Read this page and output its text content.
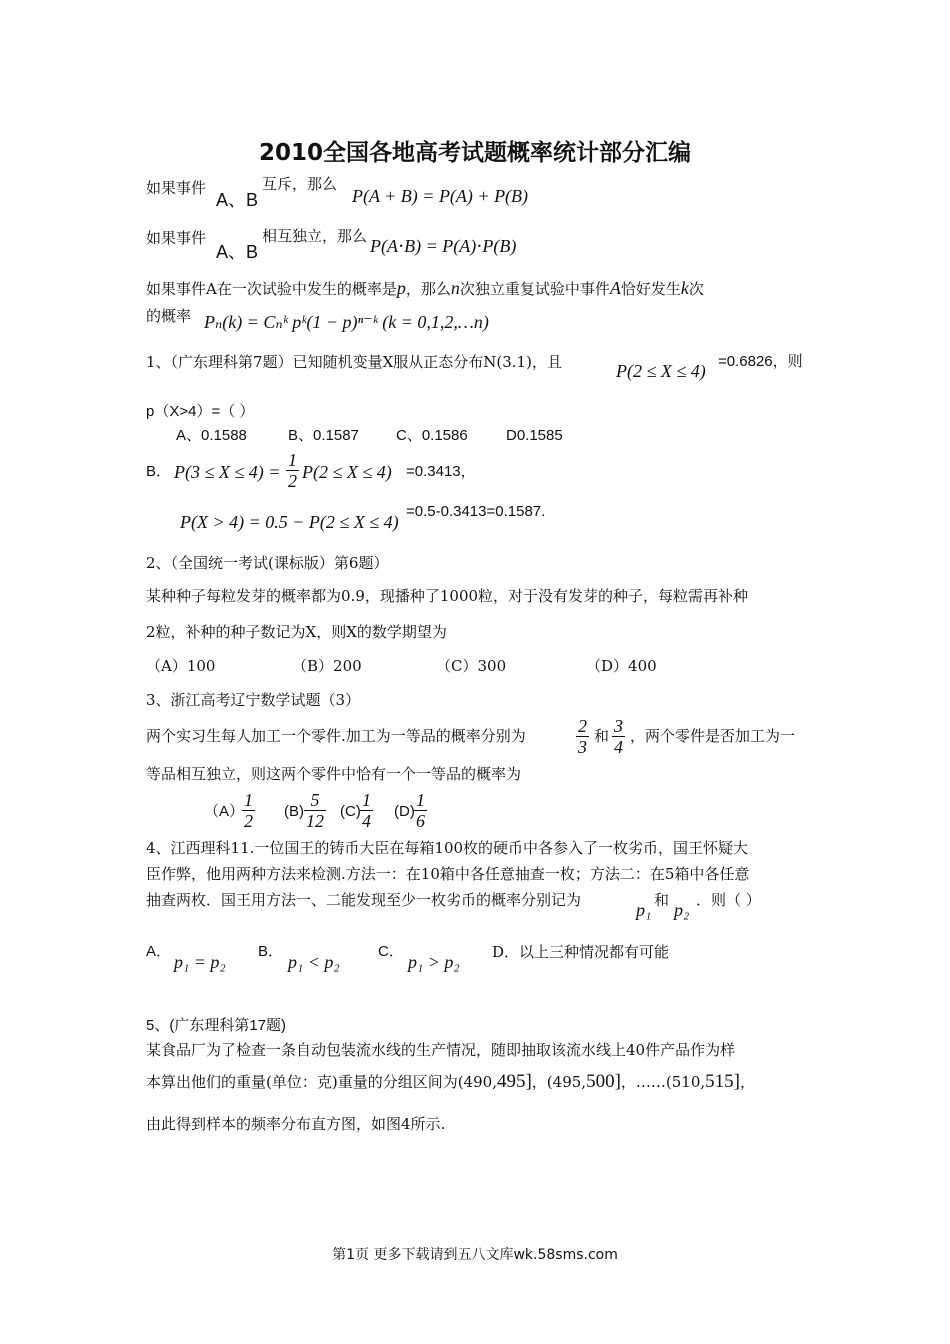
2010全国各地高考试题概率统计部分汇编
如果事件
A、B
互斥，那么
P(A + B) = P(A) + P(B)
如果事件
A、B
相互独立，那么 P(A⋅B) = P(A)⋅P(B)
如果事件A在一次试验中发生的概率是p，那么n次独立重复试验中事件A恰好发生k次
的概率 Pₙ(k) = Cₙᵏ pᵏ(1 − p)ⁿ⁻ᵏ (k = 0,1,2,…n)
1、（广东理科第7题）已知随机变量X服从正态分布N(3.1)，且	P(2 ≤ X ≤ 4) =0.6826，则
p（X>4）=（ ）
A、0.1588	B、0.1587 C、0.1586	D0.1585
B． $P(3 \le X \le 4) = \frac{1}{2} P(2 \le X \le 4) =0.3413$，
P(X > 4) = 0.5 − P(2 ≤ X ≤ 4)
=0.5-0.3413=0.1587.
2、（全国统一考试(课标版）第6题）
某种种子每粒发芽的概率都为0.9，现播种了1000粒，对于没有发芽的种子，每粒需再补种
2粒，补种的种子数记为X，则X的数学期望为
（A）100	（B）200	（C）300	（D）400
3、浙江高考辽宁数学试题（3）
两个实习生每人加工一个零件.加工为一等品的概率分别为	$\frac{2}{3}$ 和 $\frac{3}{4}$ ，两个零件是否加工为一
等品相互独立，则这两个零件中恰有一个一等品的概率为
（A）
$\frac{1}{2} (B) \frac{5}{12} (C) \frac{1}{4} (D) \frac{1}{6}$
4、江西理科11.一位国王的铸币大臣在每箱100枚的硬币中各参入了一枚劣币，国王怀疑大
臣作弊，他用两种方法来检测.方法一：在10箱中各任意抽查一枚；方法二：在5箱中各任意
抽查两枚．国王用方法一、二能发现至少一枚劣币的概率分别记为	p₁ 和 p₂ ．则（ ）
A．
p₁ = p₂
B．
p₁ < p₂
C．
p₁ > p₂ D．以上三种情况都有可能
5、(广东理科第17题)
某食品厂为了检查一条自动包装流水线的生产情况，随即抽取该流水线上40件产品作为样
本算出他们的重量(单位：克)重量的分组区间为(490,495]，(495,500]，……(510,515]，
由此得到样本的频率分布直方图，如图4所示.
第1页 更多下载请到五八文库wk.58sms.com
